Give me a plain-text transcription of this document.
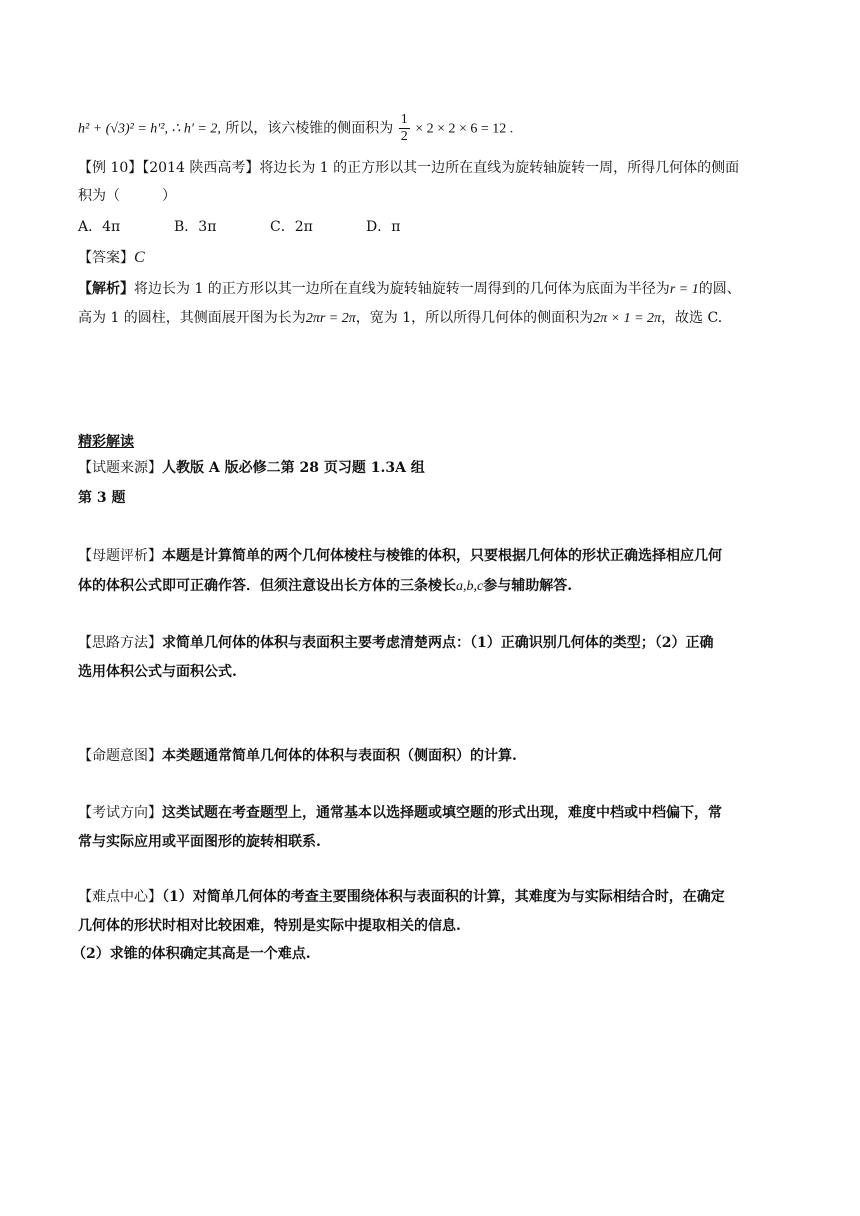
h² + (√3)² = h'², ∴ h' = 2, 所以，该六棱锥的侧面积为 $\frac{1}{2} \times 2 \times 2 \times 6 = 12$ .
【例 10】【2014 陕西高考】将边长为 1 的正方形以其一边所在直线为旋转轴旋转一周，所得几何体的侧面
积为（　　　）
A．4π	B．3π	C．2π	D．π
【答案】C
【解析】将边长为 1 的正方形以其一边所在直线为旋转轴旋转一周得到的几何体为底面为半径为r = 1的圆、
高为 1 的圆柱，其侧面展开图为长为2πr = 2π，宽为 1，所以所得几何体的侧面积为2π × 1 = 2π，故选 C.
精彩解读
【试题来源】人教版 A 版必修二第 28 页习题 1.3A 组
第 3 题
【母题评析】本题是计算简单的两个几何体棱柱与棱锥的体积，只要根据几何体的形状正确选择相应几何
体的体积公式即可正确作答．但须注意设出长方体的三条棱长a,b,c参与辅助解答.
【思路方法】求简单几何体的体积与表面积主要考虑清楚两点：（1）正确识别几何体的类型；（2）正确
选用体积公式与面积公式.
【命题意图】本类题通常简单几何体的体积与表面积（侧面积）的计算.
【考试方向】这类试题在考查题型上，通常基本以选择题或填空题的形式出现，难度中档或中档偏下，常
常与实际应用或平面图形的旋转相联系.
【难点中心】（1）对简单几何体的考查主要围绕体积与表面积的计算，其难度为与实际相结合时，在确定
几何体的形状时相对比较困难，特别是实际中提取相关的信息.
（2）求锥的体积确定其高是一个难点.
